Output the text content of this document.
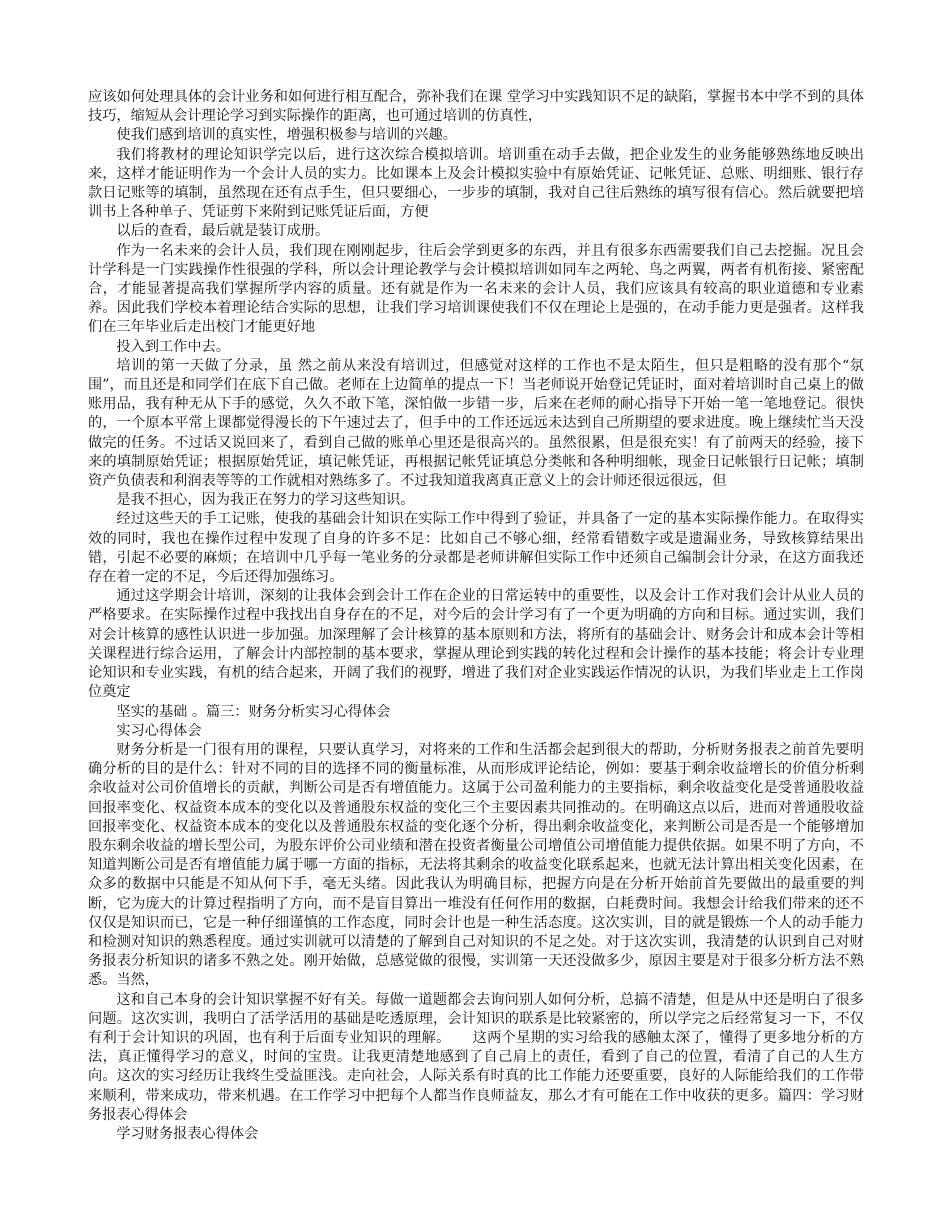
应该如何处理具体的会计业务和如何进行相互配合，弥补我们在课 堂学习中实践知识不足的缺陷，掌握书本中学不到的具体技巧，缩短从会计理论学习到实际操作的距离，也可通过培训的仿真性，

使我们感到培训的真实性，增强积极参与培训的兴趣。

我们将教材的理论知识学完以后，进行这次综合模拟培训。培训重在动手去做，把企业发生的业务能够熟练地反映出来，这样才能证明作为一个会计人员的实力。比如课本上及会计模拟实验中有原始凭证、记帐凭证、总账、明细账、银行存款日记账等的填制，虽然现在还有点手生，但只要细心，一步步的填制，我对自己往后熟练的填写很有信心。然后就要把培训书上各种单子、凭证剪下来附到记账凭证后面，方便

以后的查看，最后就是装订成册。

作为一名未来的会计人员，我们现在刚刚起步，往后会学到更多的东西，并且有很多东西需要我们自己去挖掘。况且会计学科是一门实践操作性很强的学科，所以会计理论教学与会计模拟培训如同车之两轮、鸟之两翼，两者有机衔接、紧密配合，才能显著提高我们掌握所学内容的质量。还有就是作为一名未来的会计人员，我们应该具有较高的职业道德和专业素养。因此我们学校本着理论结合实际的思想，让我们学习培训课使我们不仅在理论上是强的，在动手能力更是强者。这样我们在三年毕业后走出校门才能更好地

投入到工作中去。

培训的第一天做了分录，虽 然之前从来没有培训过，但感觉对这样的工作也不是太陌生，但只是粗略的没有那个“氛围”，而且还是和同学们在底下自己做。老师在上边简单的提点一下！当老师说开始登记凭证时，面对着培训时自己桌上的做账用品，我有种无从下手的感觉，久久不敢下笔，深怕做一步错一步，后来在老师的耐心指导下开始一笔一笔地登记。很快的，一个原本平常上课都觉得漫长的下午速过去了，但手中的工作还远远未达到自己所期望的要求进度。晚上继续忙当天没做完的任务。不过话又说回来了，看到自己做的账单心里还是很高兴的。虽然很累，但是很充实！有了前两天的经验，接下来的填制原始凭证；根据原始凭证，填记帐凭证，再根据记帐凭证填总分类帐和各种明细帐，现金日记帐银行日记帐；填制资产负债表和利润表等等的工作就相对熟练多了。不过我知道我离真正意义上的会计师还很远很远，但

是我不担心，因为我正在努力的学习这些知识。

经过这些天的手工记账，使我的基础会计知识在实际工作中得到了验证，并具备了一定的基本实际操作能力。在取得实效的同时，我也在操作过程中发现了自身的许多不足：比如自己不够心细，经常看错数字或是遗漏业务，导致核算结果出错，引起不必要的麻烦；在培训中几乎每一笔业务的分录都是老师讲解但实际工作中还须自己编制会计分录，在这方面我还存在着一定的不足，今后还得加强练习。

通过这学期会计培训，深刻的让我体会到会计工作在企业的日常运转中的重要性，以及会计工作对我们会计从业人员的严格要求。在实际操作过程中我找出自身存在的不足，对今后的会计学习有了一个更为明确的方向和目标。通过实训，我们对会计核算的感性认识进一步加强。加深理解了会计核算的基本原则和方法，将所有的基础会计、财务会计和成本会计等相关课程进行综合运用，了解会计内部控制的基本要求，掌握从理论到实践的转化过程和会计操作的基本技能；将会计专业理论知识和专业实践，有机的结合起来，开阔了我们的视野，增进了我们对企业实践运作情况的认识，为我们毕业走上工作岗位奠定

坚实的基础 。篇三：财务分析实习心得体会

实习心得体会

财务分析是一门很有用的课程，只要认真学习，对将来的工作和生活都会起到很大的帮助，分析财务报表之前首先要明确分析的目的是什么：针对不同的目的选择不同的衡量标准，从而形成评论结论，例如：要基于剩余收益增长的价值分析剩余收益对公司价值增长的贡献，判断公司是否有增值能力。这属于公司盈利能力的主要指标，剩余收益变化是受普通股收益回报率变化、权益资本成本的变化以及普通股东权益的变化三个主要因素共同推动的。在明确这点以后，进而对普通股收益回报率变化、权益资本成本的变化以及普通股东权益的变化逐个分析，得出剩余收益变化，来判断公司是否是一个能够增加股东剩余收益的增长型公司，为股东评价公司业绩和潜在投资者衡量公司增值公司增值能力提供依据。如果不明了方向，不知道判断公司是否有增值能力属于哪一方面的指标，无法将其剩余的收益变化联系起来，也就无法计算出相关变化因素，在众多的数据中只能是不知从何下手，毫无头绪。因此我认为明确目标，把握方向是在分析开始前首先要做出的最重要的判断，它为庞大的计算过程指明了方向，而不是盲目算出一堆没有任何作用的数据，白耗费时间。我想会计给我们带来的还不仅仅是知识而已，它是一种仔细谨慎的工作态度，同时会计也是一种生活态度。这次实训，目的就是锻炼一个人的动手能力和检测对知识的熟悉程度。通过实训就可以清楚的了解到自己对知识的不足之处。对于这次实训，我清楚的认识到自己对财务报表分析知识的诸多不熟之处。刚开始做，总感觉做的很慢，实训第一天还没做多少，原因主要是对于很多分析方法不熟悉。当然，

这和自己本身的会计知识掌握不好有关。每做一道题都会去询问别人如何分析，总搞不清楚，但是从中还是明白了很多问题。这次实训，我明白了活学活用的基础是吃透原理，会计知识的联系是比较紧密的，所以学完之后经常复习一下，不仅有利于会计知识的巩固，也有利于后面专业知识的理解。　　这两个星期的实习给我的感触太深了，懂得了更多地分析的方法，真正懂得学习的意义，时间的宝贵。让我更清楚地感到了自己肩上的责任，看到了自己的位置，看清了自己的人生方向。这次的实习经历让我终生受益匪浅。走向社会，人际关系有时真的比工作能力还要重要，良好的人际能给我们的工作带来顺利，带来成功，带来机遇。在工作学习中把每个人都当作良师益友，那么才有可能在工作中收获的更多。篇四：学习财务报表心得体会

学习财务报表心得体会
